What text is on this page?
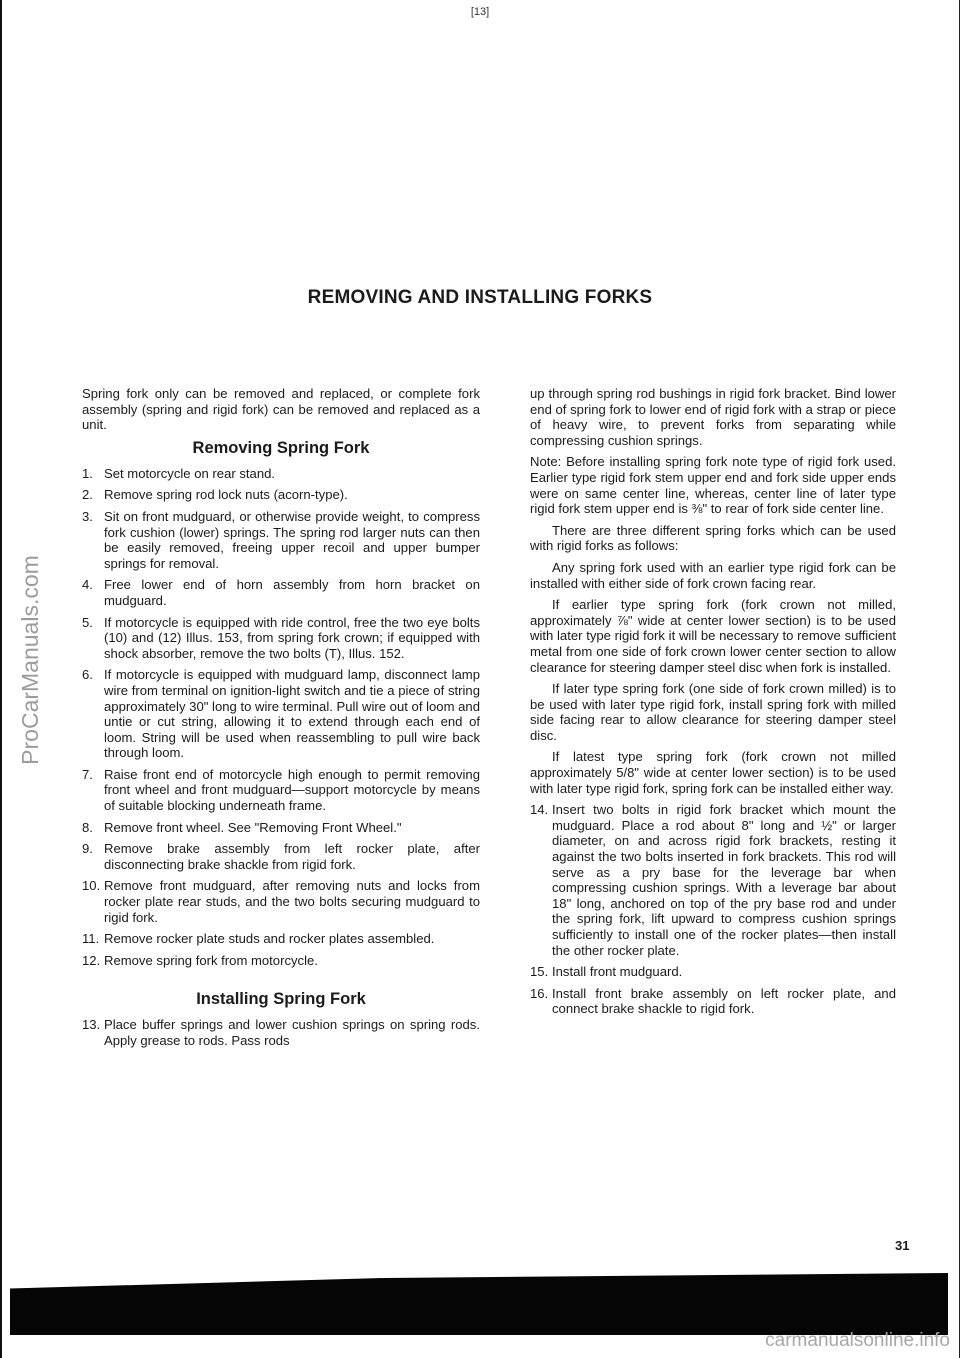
[13]
ProCarManuals.com
REMOVING AND INSTALLING FORKS

Spring fork only can be removed and replaced, or complete fork assembly (spring and rigid fork) can be removed and replaced as a unit.

Removing Spring Fork
1. Set motorcycle on rear stand.
2. Remove spring rod lock nuts (acorn-type).
3. Sit on front mudguard, or otherwise provide weight, to compress fork cushion (lower) springs. The spring rod larger nuts can then be easily removed, freeing upper recoil and upper bumper springs for removal.
4. Free lower end of horn assembly from horn bracket on mudguard.
5. If motorcycle is equipped with ride control, free the two eye bolts (10) and (12) Illus. 153, from spring fork crown; if equipped with shock absorber, remove the two bolts (T), Illus. 152.
6. If motorcycle is equipped with mudguard lamp, disconnect lamp wire from terminal on ignition-light switch and tie a piece of string approximately 30" long to wire terminal. Pull wire out of loom and untie or cut string, allowing it to extend through each end of loom. String will be used when reassembling to pull wire back through loom.
7. Raise front end of motorcycle high enough to permit removing front wheel and front mudguard—support motorcycle by means of suitable blocking underneath frame.
8. Remove front wheel. See "Removing Front Wheel."
9. Remove brake assembly from left rocker plate, after disconnecting brake shackle from rigid fork.
10. Remove front mudguard, after removing nuts and locks from rocker plate rear studs, and the two bolts securing mudguard to rigid fork.
11. Remove rocker plate studs and rocker plates assembled.
12. Remove spring fork from motorcycle.
Installing Spring Fork
13. Place buffer springs and lower cushion springs on spring rods. Apply grease to rods. Pass rods

up through spring rod bushings in rigid fork bracket. Bind lower end of spring fork to lower end of rigid fork with a strap or piece of heavy wire, to prevent forks from separating while compressing cushion springs.

Note: Before installing spring fork note type of rigid fork used. Earlier type rigid fork stem upper end and fork side upper ends were on same center line, whereas, center line of later type rigid fork stem upper end is ⅜" to rear of fork side center line.

There are three different spring forks which can be used with rigid forks as follows:

Any spring fork used with an earlier type rigid fork can be installed with either side of fork crown facing rear.

If earlier type spring fork (fork crown not milled, approximately ⅞" wide at center lower section) is to be used with later type rigid fork it will be necessary to remove sufficient metal from one side of fork crown lower center section to allow clearance for steering damper steel disc when fork is installed.

If later type spring fork (one side of fork crown milled) is to be used with later type rigid fork, install spring fork with milled side facing rear to allow clearance for steering damper steel disc.

If latest type spring fork (fork crown not milled approximately 5/8" wide at center lower section) is to be used with later type rigid fork, spring fork can be installed either way.

14. Insert two bolts in rigid fork bracket which mount the mudguard. Place a rod about 8" long and ½" or larger diameter, on and across rigid fork brackets, resting it against the two bolts inserted in fork brackets. This rod will serve as a pry base for the leverage bar when compressing cushion springs. With a leverage bar about 18" long, anchored on top of the pry base rod and under the spring fork, lift upward to compress cushion springs sufficiently to install one of the rocker plates—then install the other rocker plate.
15. Install front mudguard.
16. Install front brake assembly on left rocker plate, and connect brake shackle to rigid fork.
31
carmanualsonline.info
